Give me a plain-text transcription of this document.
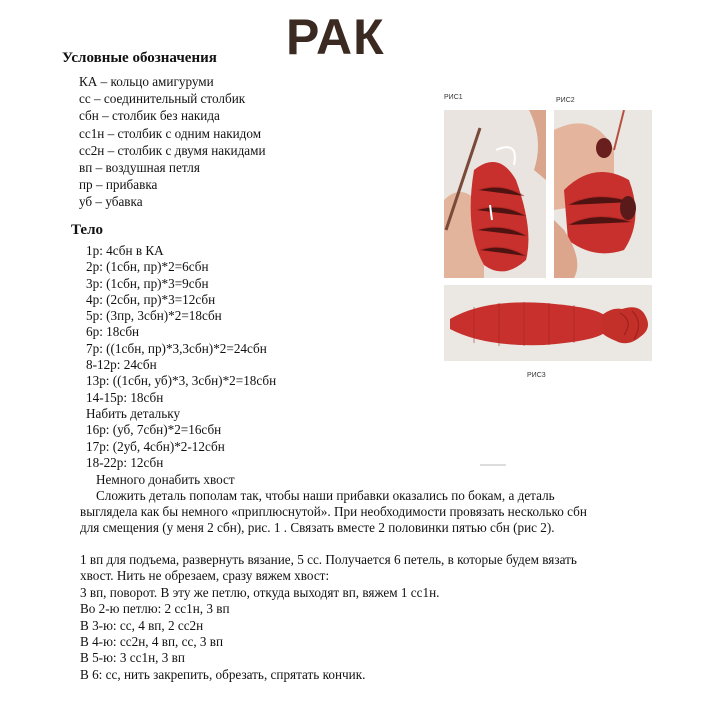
РАК
Условные обозначения
КА – кольцо амигуруми
сс – соединительный столбик
сбн – столбик без накида
сс1н – столбик с одним накидом
сс2н – столбик с двумя накидами
вп – воздушная петля
пр – прибавка
уб – убавка
Тело
1р: 4сбн в КА
2р: (1сбн, пр)*2=6сбн
3р: (1сбн, пр)*3=9сбн
4р: (2сбн, пр)*3=12сбн
5р: (3пр, 3сбн)*2=18сбн
6р: 18сбн
7р: ((1сбн, пр)*3,3сбн)*2=24сбн
8-12р: 24сбн
13р: ((1сбн, уб)*3, 3сбн)*2=18сбн
14-15р: 18сбн
Набить детальку
16р: (уб, 7сбн)*2=16сбн
17р: (2уб, 4сбн)*2-12сбн
18-22р: 12сбн
Немного донабить хвост

Сложить деталь пополам так, чтобы наши прибавки оказались по бокам, а деталь выглядела как бы немного «приплюснутой». При необходимости провязать несколько сбн для смещения (у меня 2 сбн), рис. 1 . Связать вместе 2 половинки пятью сбн (рис 2).

1 вп для подъема, развернуть вязание, 5 сс. Получается 6 петель, в которые будем вязать хвост. Нить не обрезаем, сразу вяжем хвост:
3 вп, поворот. В эту же петлю, откуда выходят вп, вяжем 1 сс1н.
Во 2-ю петлю: 2 сс1н, 3 вп
В 3-ю: сс, 4 вп, 2 сс2н
В 4-ю: сс2н, 4 вп, сс, 3 вп
В 5-ю: 3 сс1н, 3 вп
В 6: сс, нить закрепить, обрезать, спрятать кончик.
РИС1	РИС2
РИС3
